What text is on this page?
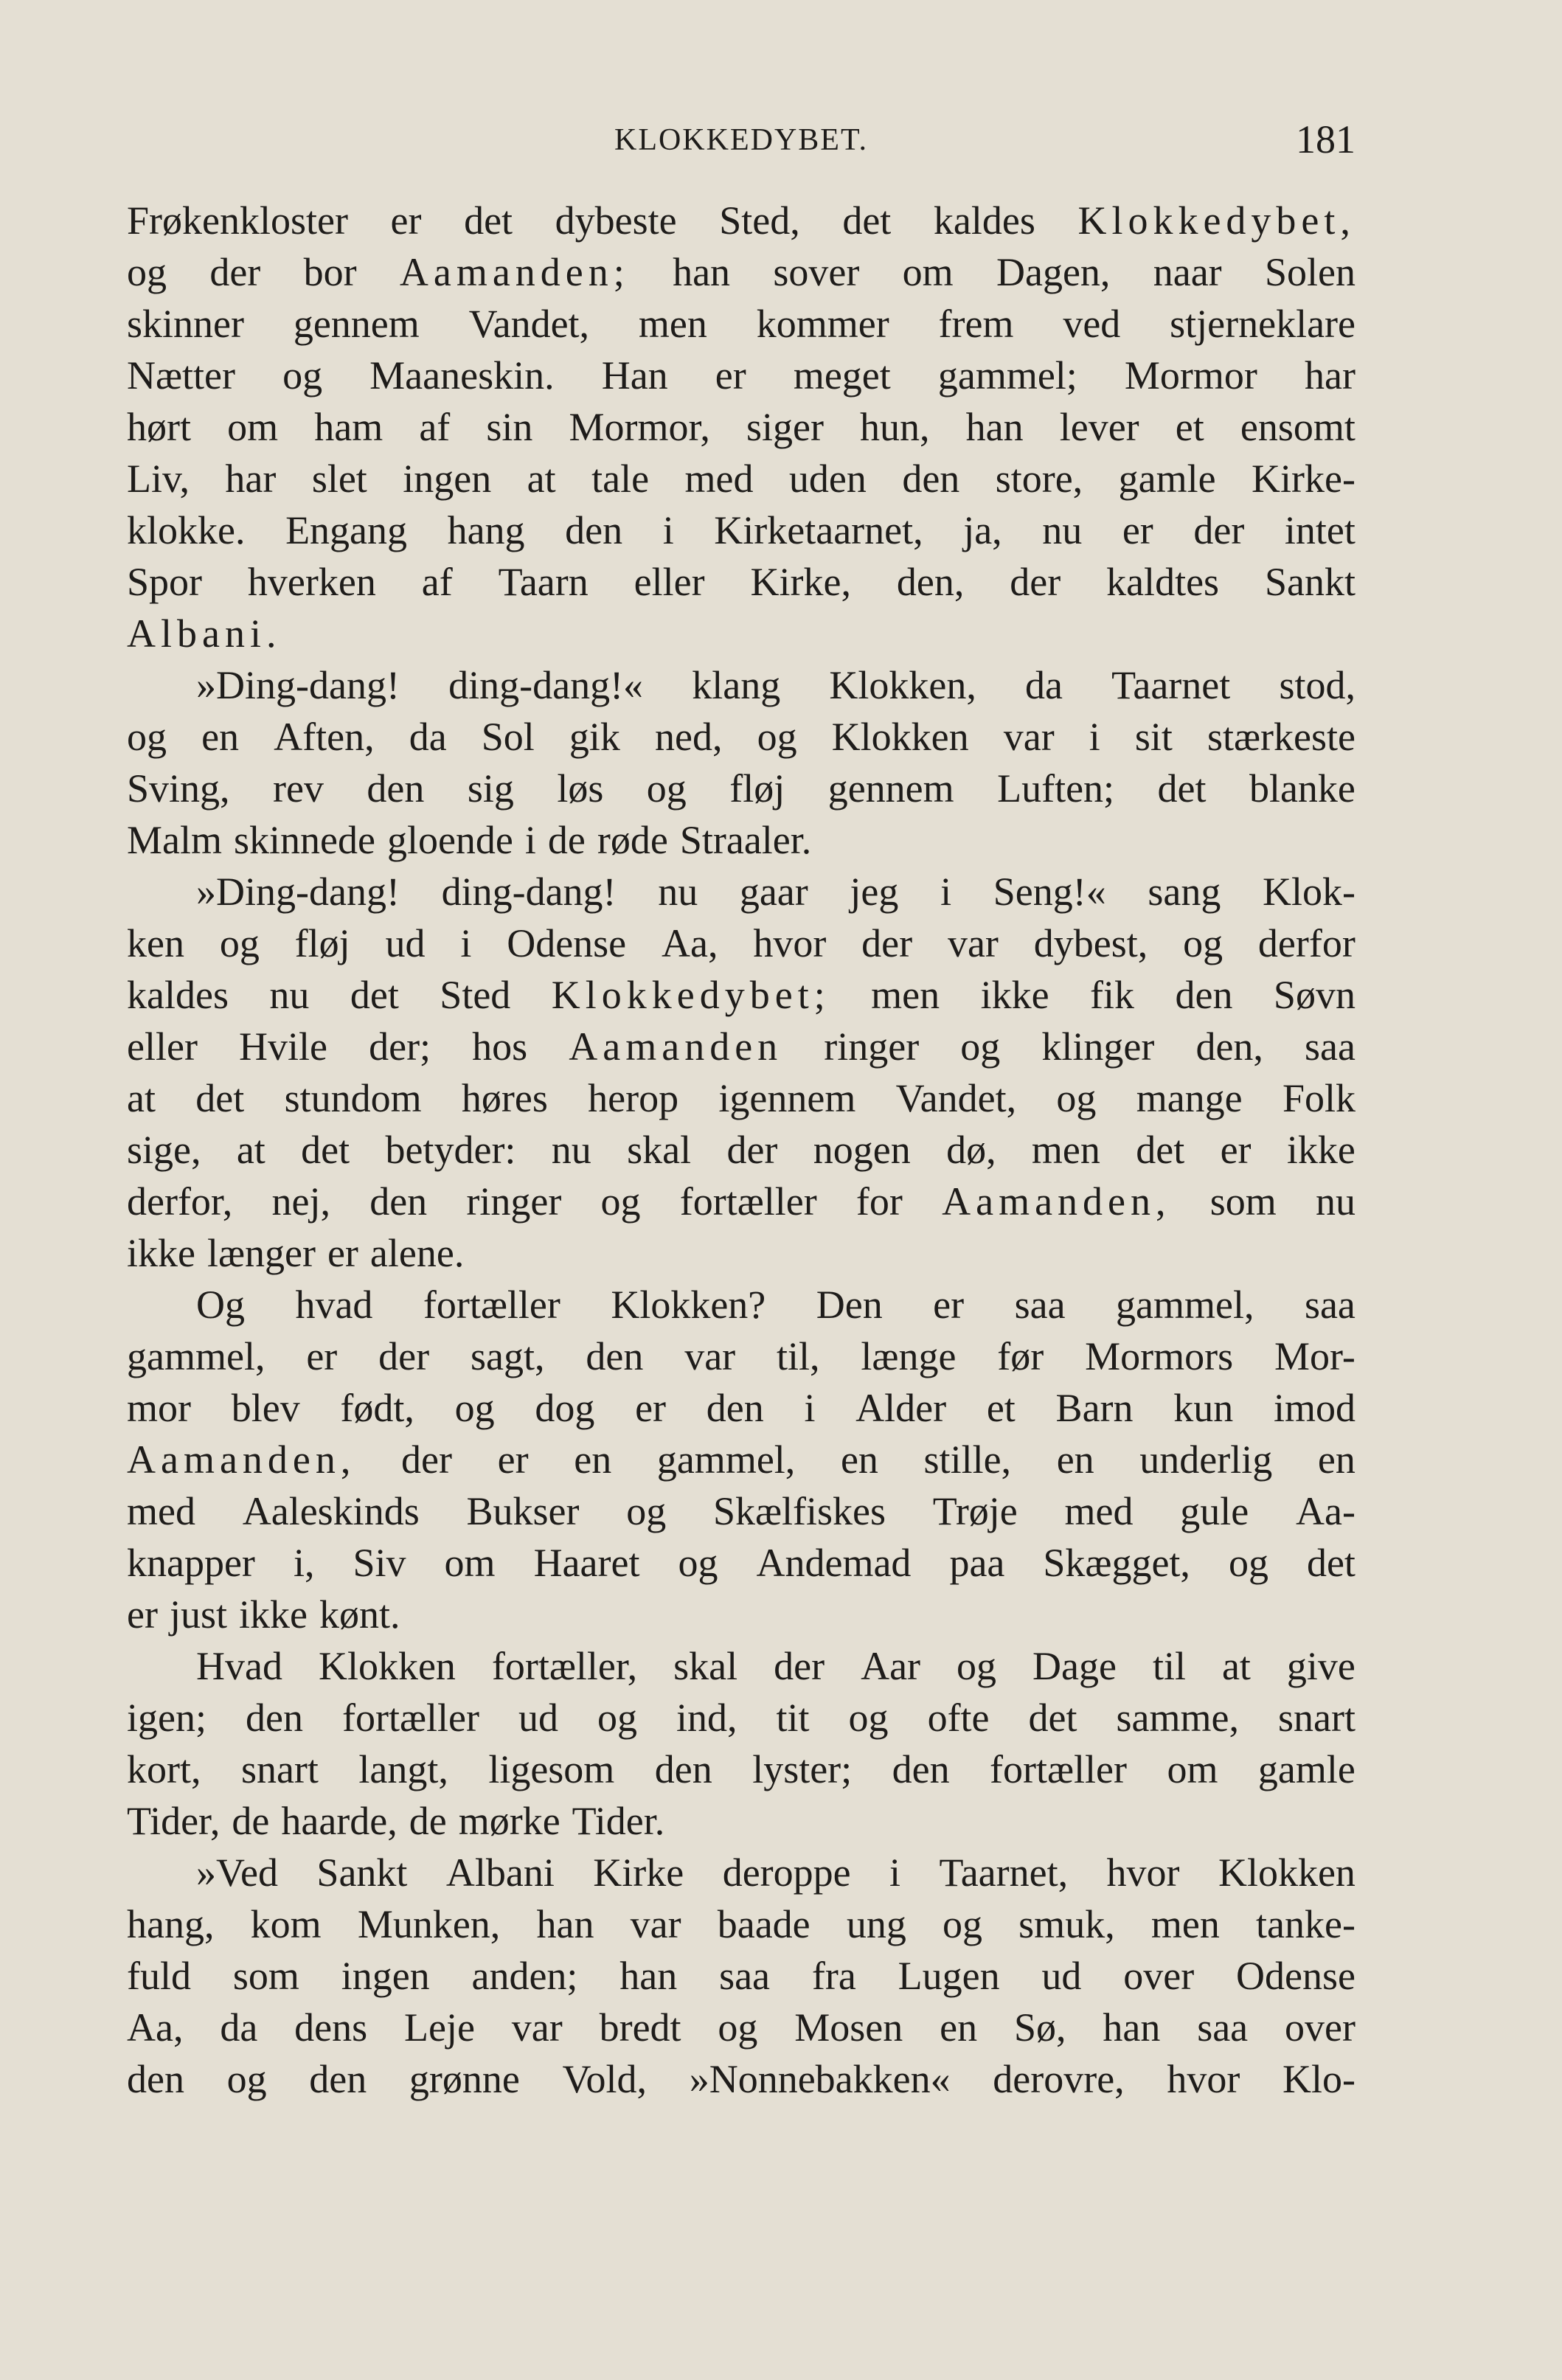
KLOKKEDYBET.	181
Frøkenkloster er det dybeste Sted, det kaldes Klokkedybet,
og der bor Aamanden; han sover om Dagen, naar Solen
skinner gennem Vandet, men kommer frem ved stjerneklare
Nætter og Maaneskin. Han er meget gammel; Mormor har
hørt om ham af sin Mormor, siger hun, han lever et ensomt
Liv, har slet ingen at tale med uden den store, gamle Kirke-
klokke. Engang hang den i Kirketaarnet, ja, nu er der intet
Spor hverken af Taarn eller Kirke, den, der kaldtes Sankt
Albani.
»Ding-dang! ding-dang!« klang Klokken, da Taarnet stod,
og en Aften, da Sol gik ned, og Klokken var i sit stærkeste
Sving, rev den sig løs og fløj gennem Luften; det blanke
Malm skinnede gloende i de røde Straaler.
»Ding-dang! ding-dang! nu gaar jeg i Seng!« sang Klok-
ken og fløj ud i Odense Aa, hvor der var dybest, og derfor
kaldes nu det Sted Klokkedybet; men ikke fik den Søvn
eller Hvile der; hos Aamanden ringer og klinger den, saa
at det stundom høres herop igennem Vandet, og mange Folk
sige, at det betyder: nu skal der nogen dø, men det er ikke
derfor, nej, den ringer og fortæller for Aamanden, som nu
ikke længer er alene.
Og hvad fortæller Klokken? Den er saa gammel, saa
gammel, er der sagt, den var til, længe før Mormors Mor-
mor blev født, og dog er den i Alder et Barn kun imod
Aamanden, der er en gammel, en stille, en underlig en
med Aaleskinds Bukser og Skælfiskes Trøje med gule Aa-
knapper i, Siv om Haaret og Andemad paa Skægget, og det
er just ikke kønt.
Hvad Klokken fortæller, skal der Aar og Dage til at give
igen; den fortæller ud og ind, tit og ofte det samme, snart
kort, snart langt, ligesom den lyster; den fortæller om gamle
Tider, de haarde, de mørke Tider.
»Ved Sankt Albani Kirke deroppe i Taarnet, hvor Klokken
hang, kom Munken, han var baade ung og smuk, men tanke-
fuld som ingen anden; han saa fra Lugen ud over Odense
Aa, da dens Leje var bredt og Mosen en Sø, han saa over
den og den grønne Vold, »Nonnebakken« derovre, hvor Klo-
